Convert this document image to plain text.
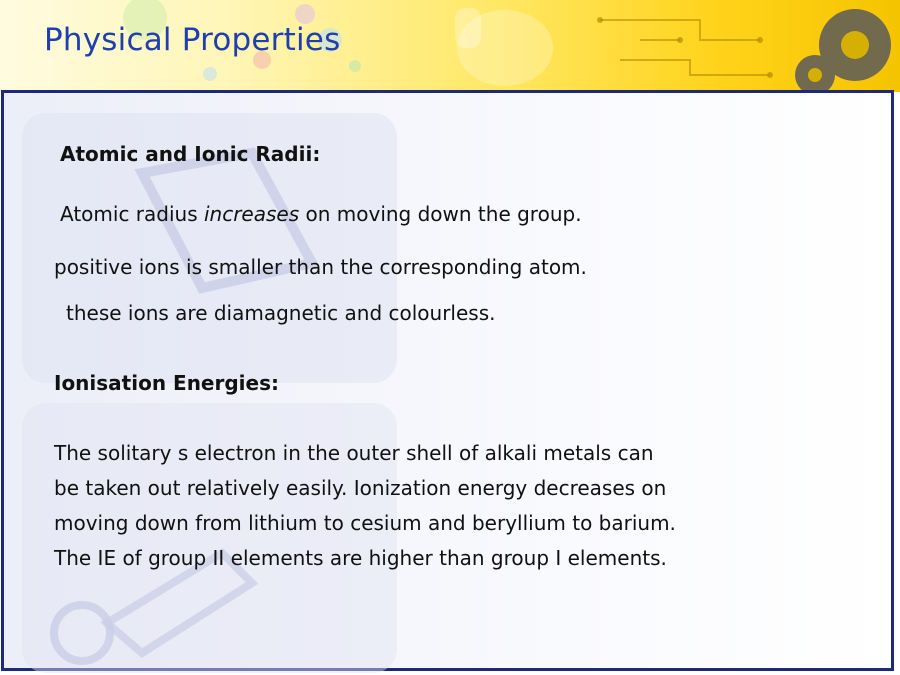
Physical Properties
Atomic and Ionic Radii:
Atomic radius increases on moving down the group.
positive ions is smaller than the corresponding atom.
these ions are diamagnetic and colourless.
Ionisation Energies:
The solitary s electron in the outer shell of alkali metals can
be taken out relatively easily. Ionization energy decreases on
moving down from lithium to cesium and beryllium to barium.
The IE of group II elements are higher than group I elements.
